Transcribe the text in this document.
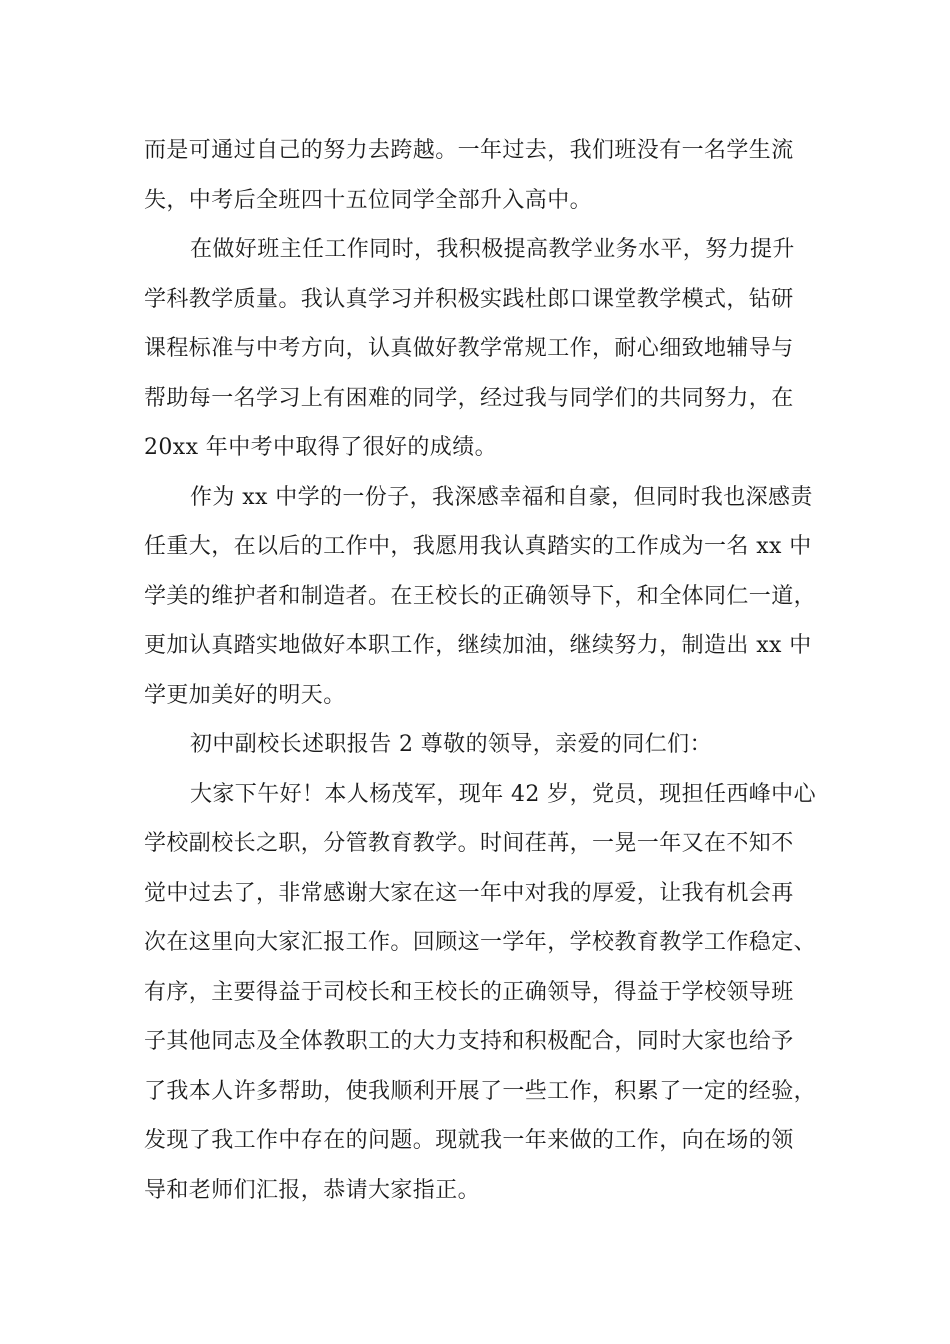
而是可通过自己的努力去跨越。一年过去，我们班没有一名学生流
失，中考后全班四十五位同学全部升入高中。

在做好班主任工作同时，我积极提高教学业务水平，努力提升
学科教学质量。我认真学习并积极实践杜郎口课堂教学模式，钻研
课程标准与中考方向，认真做好教学常规工作，耐心细致地辅导与
帮助每一名学习上有困难的同学，经过我与同学们的共同努力，在
20xx 年中考中取得了很好的成绩。

作为 xx 中学的一份子，我深感幸福和自豪，但同时我也深感责
任重大，在以后的工作中，我愿用我认真踏实的工作成为一名 xx 中
学美的维护者和制造者。在王校长的正确领导下，和全体同仁一道，
更加认真踏实地做好本职工作，继续加油，继续努力，制造出 xx 中
学更加美好的明天。

初中副校长述职报告 2 尊敬的领导，亲爱的同仁们：

大家下午好！本人杨茂军，现年 42 岁，党员，现担任西峰中心
学校副校长之职，分管教育教学。时间荏苒，一晃一年又在不知不
觉中过去了，非常感谢大家在这一年中对我的厚爱，让我有机会再
次在这里向大家汇报工作。回顾这一学年，学校教育教学工作稳定、
有序，主要得益于司校长和王校长的正确领导，得益于学校领导班
子其他同志及全体教职工的大力支持和积极配合，同时大家也给予
了我本人许多帮助，使我顺利开展了一些工作，积累了一定的经验，
发现了我工作中存在的问题。现就我一年来做的工作，向在场的领
导和老师们汇报，恭请大家指正。
